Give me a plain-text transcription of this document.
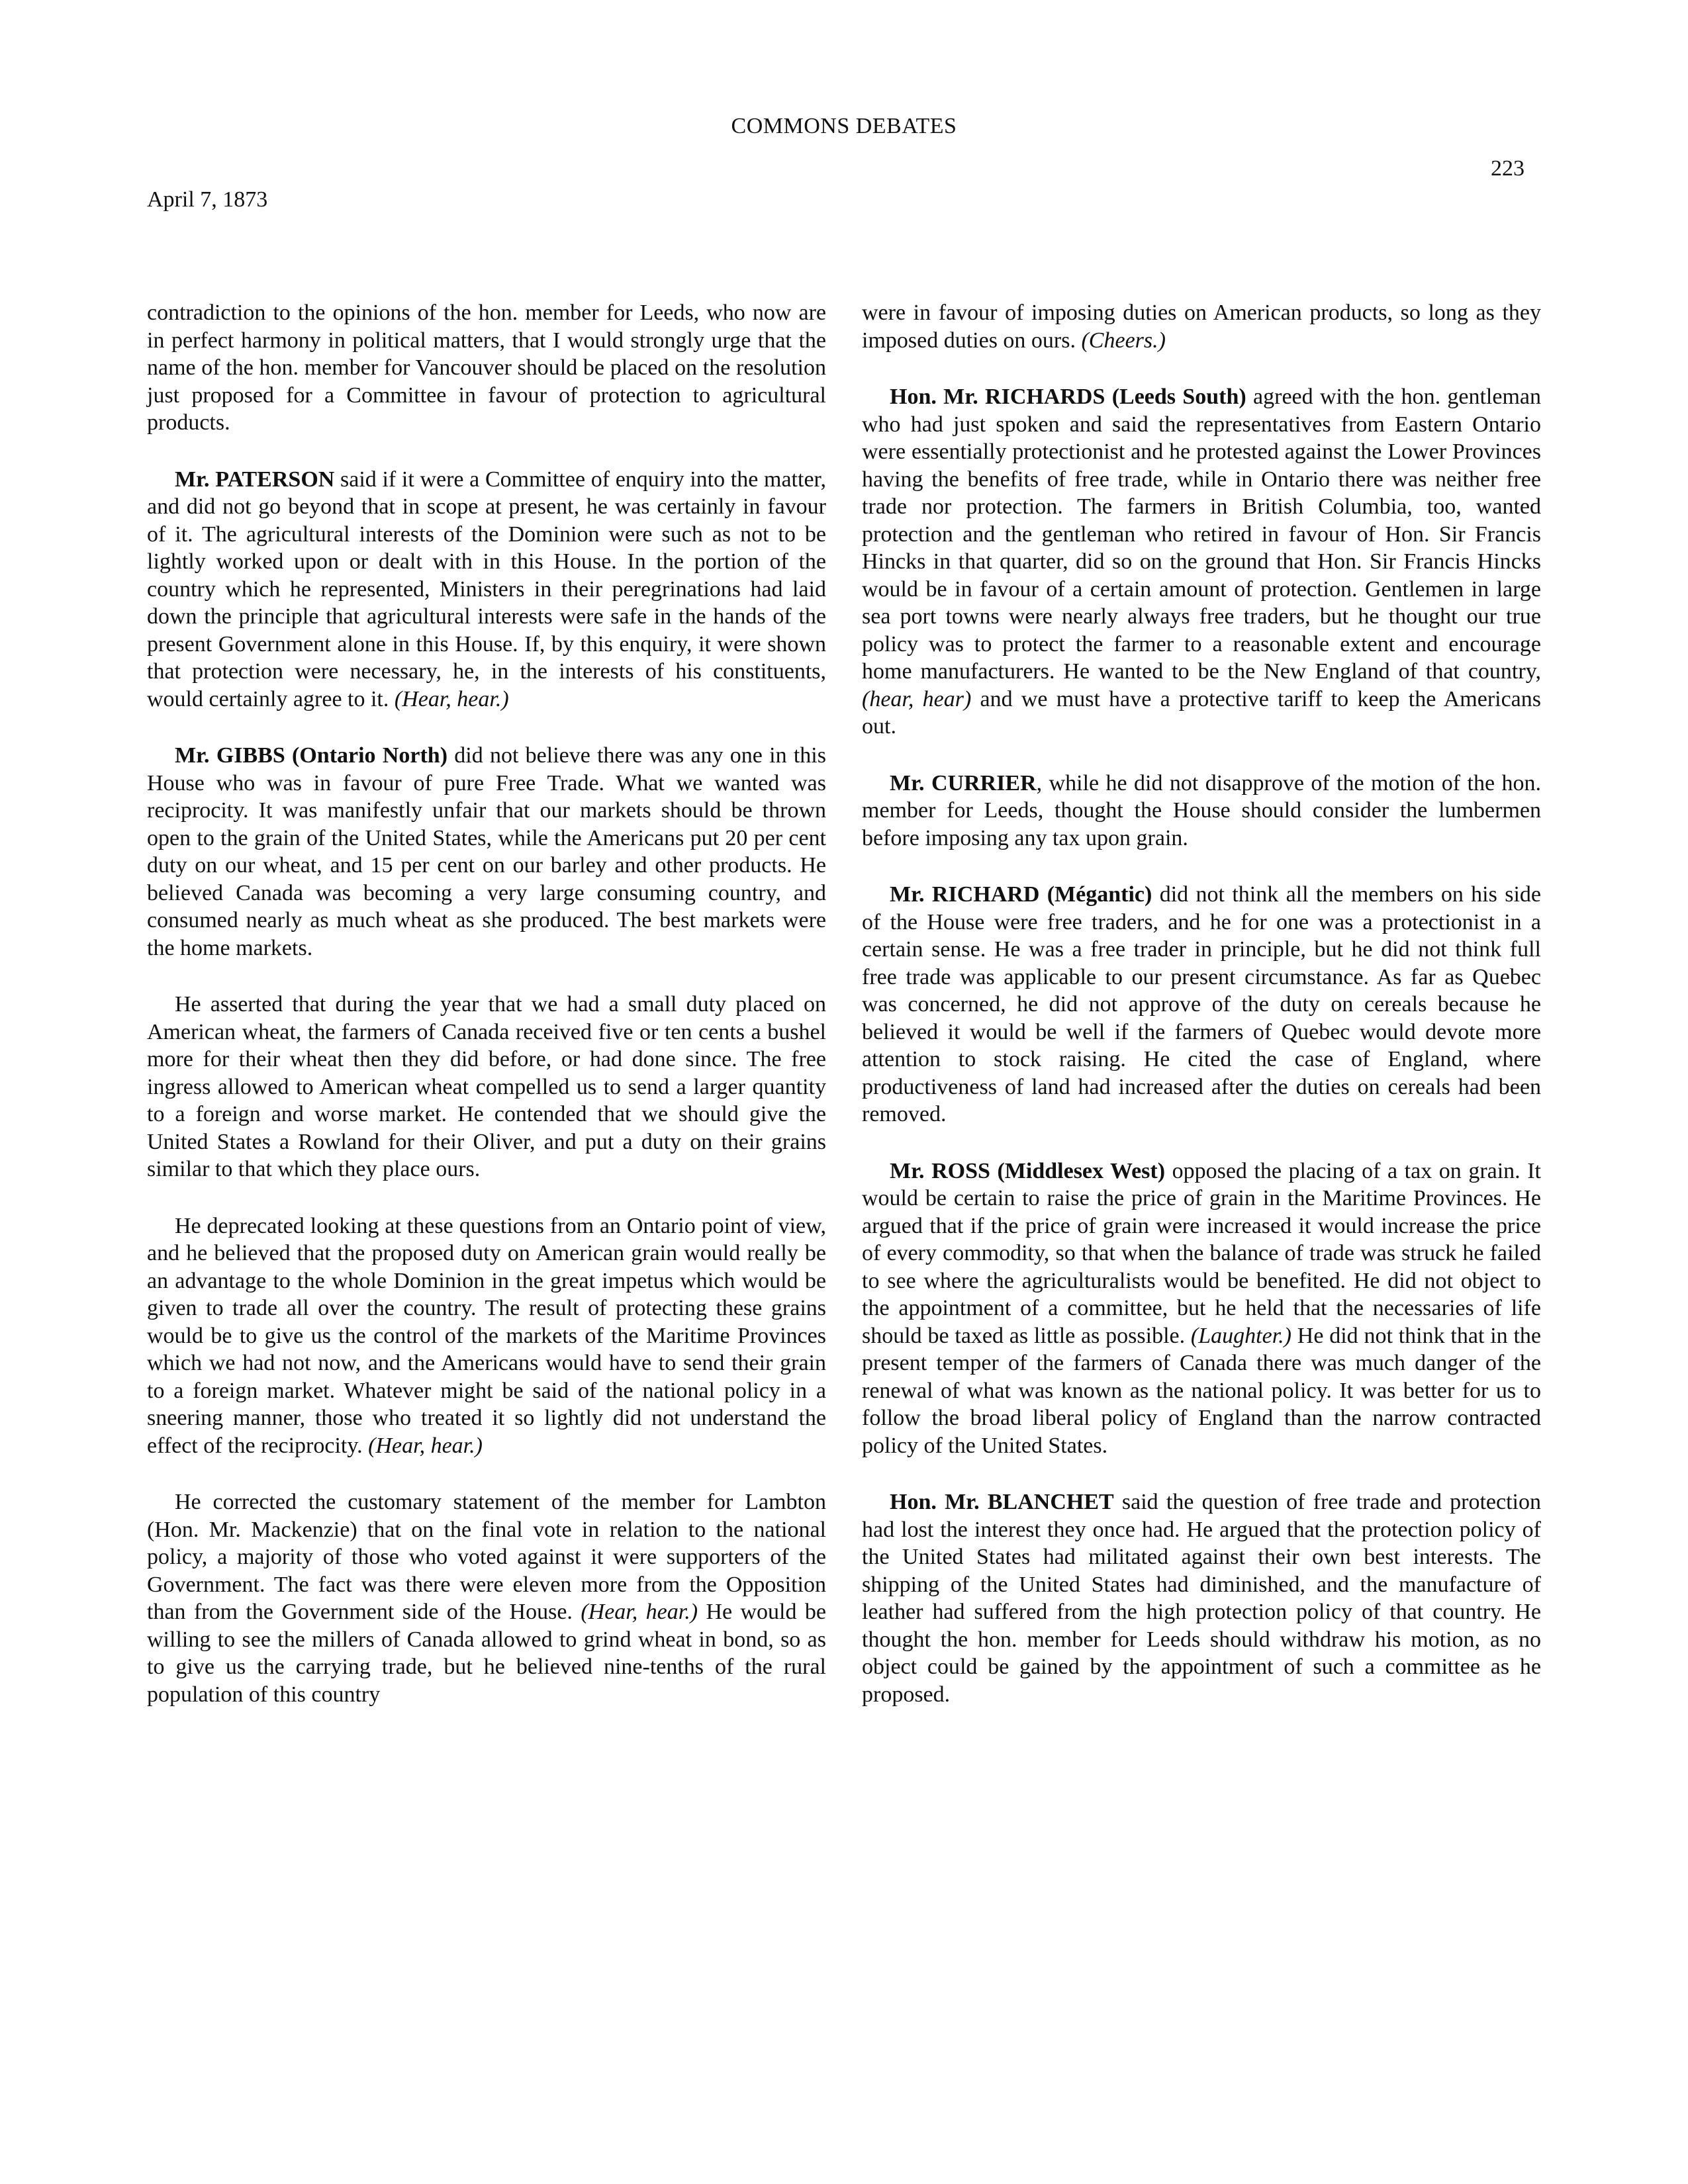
COMMONS DEBATES
223
April 7, 1873

contradiction to the opinions of the hon. member for Leeds, who now are in perfect harmony in political matters, that I would strongly urge that the name of the hon. member for Vancouver should be placed on the resolution just proposed for a Committee in favour of protection to agricultural products.

Mr. PATERSON said if it were a Committee of enquiry into the matter, and did not go beyond that in scope at present, he was certainly in favour of it. The agricultural interests of the Dominion were such as not to be lightly worked upon or dealt with in this House. In the portion of the country which he represented, Ministers in their peregrinations had laid down the principle that agricultural interests were safe in the hands of the present Government alone in this House. If, by this enquiry, it were shown that protection were necessary, he, in the interests of his constituents, would certainly agree to it. (Hear, hear.)

Mr. GIBBS (Ontario North) did not believe there was any one in this House who was in favour of pure Free Trade. What we wanted was reciprocity. It was manifestly unfair that our markets should be thrown open to the grain of the United States, while the Americans put 20 per cent duty on our wheat, and 15 per cent on our barley and other products. He believed Canada was becoming a very large consuming country, and consumed nearly as much wheat as she produced. The best markets were the home markets.

He asserted that during the year that we had a small duty placed on American wheat, the farmers of Canada received five or ten cents a bushel more for their wheat then they did before, or had done since. The free ingress allowed to American wheat compelled us to send a larger quantity to a foreign and worse market. He contended that we should give the United States a Rowland for their Oliver, and put a duty on their grains similar to that which they place ours.

He deprecated looking at these questions from an Ontario point of view, and he believed that the proposed duty on American grain would really be an advantage to the whole Dominion in the great impetus which would be given to trade all over the country. The result of protecting these grains would be to give us the control of the markets of the Maritime Provinces which we had not now, and the Americans would have to send their grain to a foreign market. Whatever might be said of the national policy in a sneering manner, those who treated it so lightly did not understand the effect of the reciprocity. (Hear, hear.)

He corrected the customary statement of the member for Lambton (Hon. Mr. Mackenzie) that on the final vote in relation to the national policy, a majority of those who voted against it were supporters of the Government. The fact was there were eleven more from the Opposition than from the Government side of the House. (Hear, hear.) He would be willing to see the millers of Canada allowed to grind wheat in bond, so as to give us the carrying trade, but he believed nine-tenths of the rural population of this country

were in favour of imposing duties on American products, so long as they imposed duties on ours. (Cheers.)

Hon. Mr. RICHARDS (Leeds South) agreed with the hon. gentleman who had just spoken and said the representatives from Eastern Ontario were essentially protectionist and he protested against the Lower Provinces having the benefits of free trade, while in Ontario there was neither free trade nor protection. The farmers in British Columbia, too, wanted protection and the gentleman who retired in favour of Hon. Sir Francis Hincks in that quarter, did so on the ground that Hon. Sir Francis Hincks would be in favour of a certain amount of protection. Gentlemen in large sea port towns were nearly always free traders, but he thought our true policy was to protect the farmer to a reasonable extent and encourage home manufacturers. He wanted to be the New England of that country, (hear, hear) and we must have a protective tariff to keep the Americans out.

Mr. CURRIER, while he did not disapprove of the motion of the hon. member for Leeds, thought the House should consider the lumbermen before imposing any tax upon grain.

Mr. RICHARD (Mégantic) did not think all the members on his side of the House were free traders, and he for one was a protectionist in a certain sense. He was a free trader in principle, but he did not think full free trade was applicable to our present circumstance. As far as Quebec was concerned, he did not approve of the duty on cereals because he believed it would be well if the farmers of Quebec would devote more attention to stock raising. He cited the case of England, where productiveness of land had increased after the duties on cereals had been removed.

Mr. ROSS (Middlesex West) opposed the placing of a tax on grain. It would be certain to raise the price of grain in the Maritime Provinces. He argued that if the price of grain were increased it would increase the price of every commodity, so that when the balance of trade was struck he failed to see where the agriculturalists would be benefited. He did not object to the appointment of a committee, but he held that the necessaries of life should be taxed as little as possible. (Laughter.) He did not think that in the present temper of the farmers of Canada there was much danger of the renewal of what was known as the national policy. It was better for us to follow the broad liberal policy of England than the narrow contracted policy of the United States.

Hon. Mr. BLANCHET said the question of free trade and protection had lost the interest they once had. He argued that the protection policy of the United States had militated against their own best interests. The shipping of the United States had diminished, and the manufacture of leather had suffered from the high protection policy of that country. He thought the hon. member for Leeds should withdraw his motion, as no object could be gained by the appointment of such a committee as he proposed.
